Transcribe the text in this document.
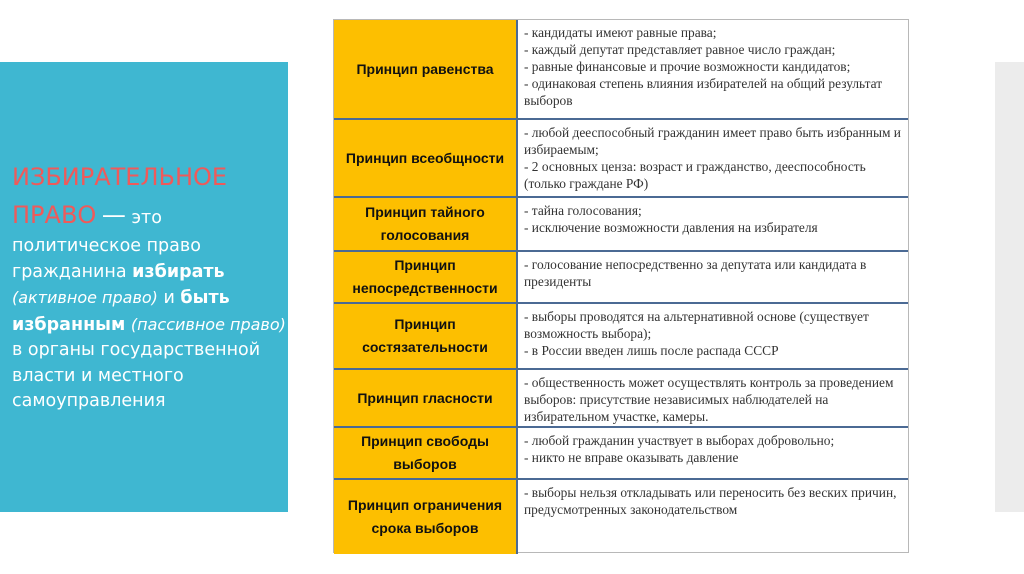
ИЗБИРАТЕЛЬНОЕ
ПРАВО — это политическое право гражданина избирать (активное право) и быть избранным (пассивное право) в органы государственной власти и местного самоуправления
Принцип равенства
- кандидаты имеют равные права;
- каждый депутат представляет равное число граждан;
- равные финансовые и прочие возможности кандидатов;
- одинаковая степень влияния избирателей на общий результат выборов
Принцип всеобщности
- любой дееспособный гражданин имеет право быть избранным и избираемым;
- 2 основных ценза: возраст и гражданство, дееспособность (только граждане РФ)
Принцип тайного голосования
- тайна голосования;
- исключение возможности давления на избирателя
Принцип непосредственности
- голосование непосредственно за депутата или кандидата в президенты
Принцип состязательности
- выборы проводятся на альтернативной основе (существует возможность выбора);
- в России введен лишь после распада СССР
Принцип гласности
- общественность может осуществлять контроль за проведением выборов: присутствие независимых наблюдателей на избирательном участке, камеры.
Принцип свободы выборов
- любой гражданин участвует в выборах добровольно;
- никто не вправе оказывать давление
Принцип ограничения срока выборов
- выборы нельзя откладывать или переносить без веских причин, предусмотренных законодательством
